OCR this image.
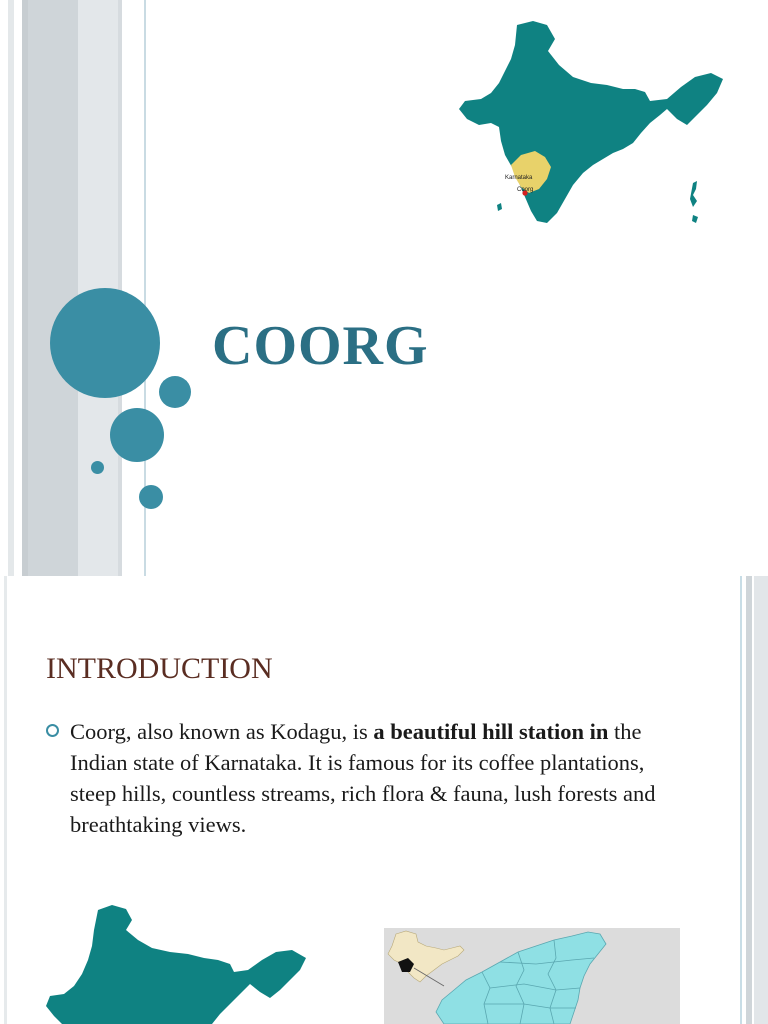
Karnataka
Coorg
COORG
INTRODUCTION
Coorg, also known as Kodagu, is a beautiful hill station in the Indian state of Karnataka. It is famous for its coffee plantations, steep hills, countless streams, rich flora & fauna, lush forests and breathtaking views.
